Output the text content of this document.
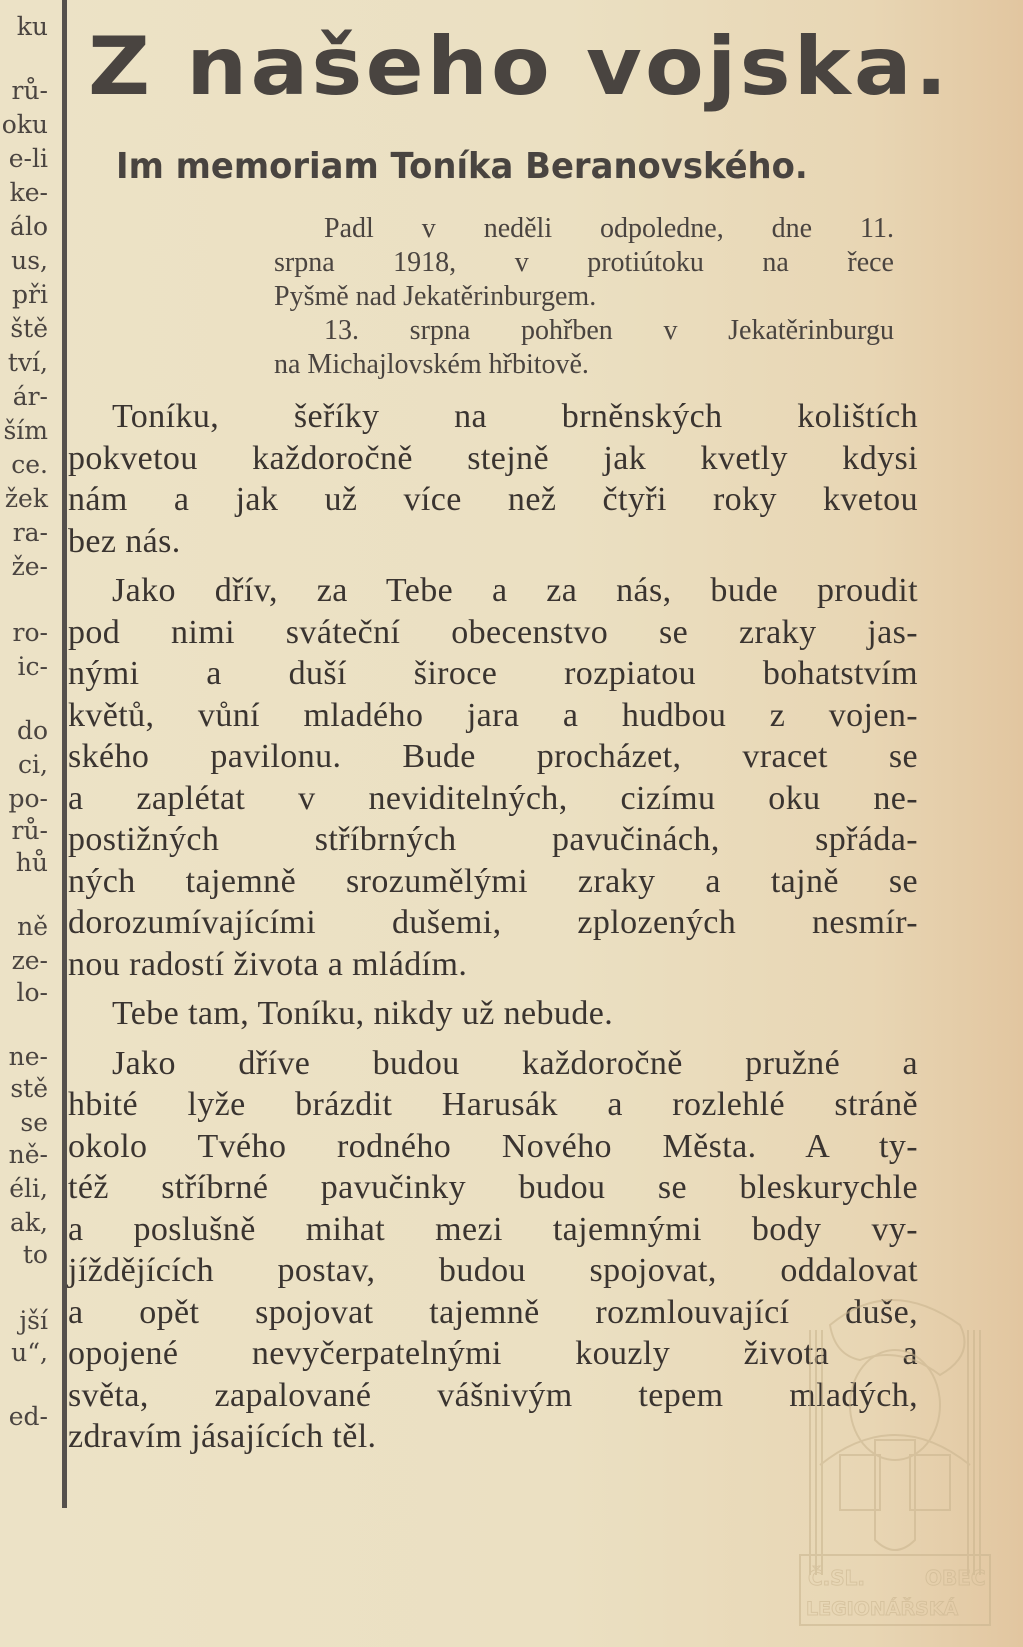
ku
rů-
oku
e-li
ke-
álo
us,
při
ště
tví,
ár-
ším
ce.
žek
ra-
že-
ro-
ic-
do
ci,
po-
rů-
hů
ně
ze-
lo-
ne-
stě
se
ně-
éli,
ak,
to
jší
u“,
ed-
Z našeho vojska.
Im memoriam Toníka Beranovského.
Padl v neděli odpoledne, dne 11.
srpna 1918, v protiútoku na řece
Pyšmě nad Jekatěrinburgem.
13. srpna pohřben v Jekatěrinburgu
na Michajlovském hřbitově.
Toníku, šeříky na brněnských kolištích
pokvetou každoročně stejně jak kvetly kdysi
nám a jak už více než čtyři roky kvetou
bez nás.
Jako dřív, za Tebe a za nás, bude proudit
pod nimi sváteční obecenstvo se zraky jas-
nými a duší široce rozpiatou bohatstvím
květů, vůní mladého jara a hudbou z vojen-
ského pavilonu. Bude procházet, vracet se
a zaplétat v neviditelných, cizímu oku ne-
postižných stříbrných pavučinách, spřáda-
ných tajemně srozumělými zraky a tajně se
dorozumívajícími dušemi, zplozených nesmír-
nou radostí života a mládím.
Tebe tam, Toníku, nikdy už nebude.
Jako dříve budou každoročně pružné a
hbité lyže brázdit Harusák a rozlehlé stráně
okolo Tvého rodného Nového Města. A ty-
též stříbrné pavučinky budou se bleskurychle
a poslušně mihat mezi tajemnými body vy-
jíždějících postav, budou spojovat, oddalovat
a opět spojovat tajemně rozmlouvající duše,
opojené nevyčerpatelnými kouzly života a
světa, zapalované vášnivým tepem mladých,
zdravím jásajících těl.
Č.SL.	OBEC
LEGIONÁŘSKÁ
